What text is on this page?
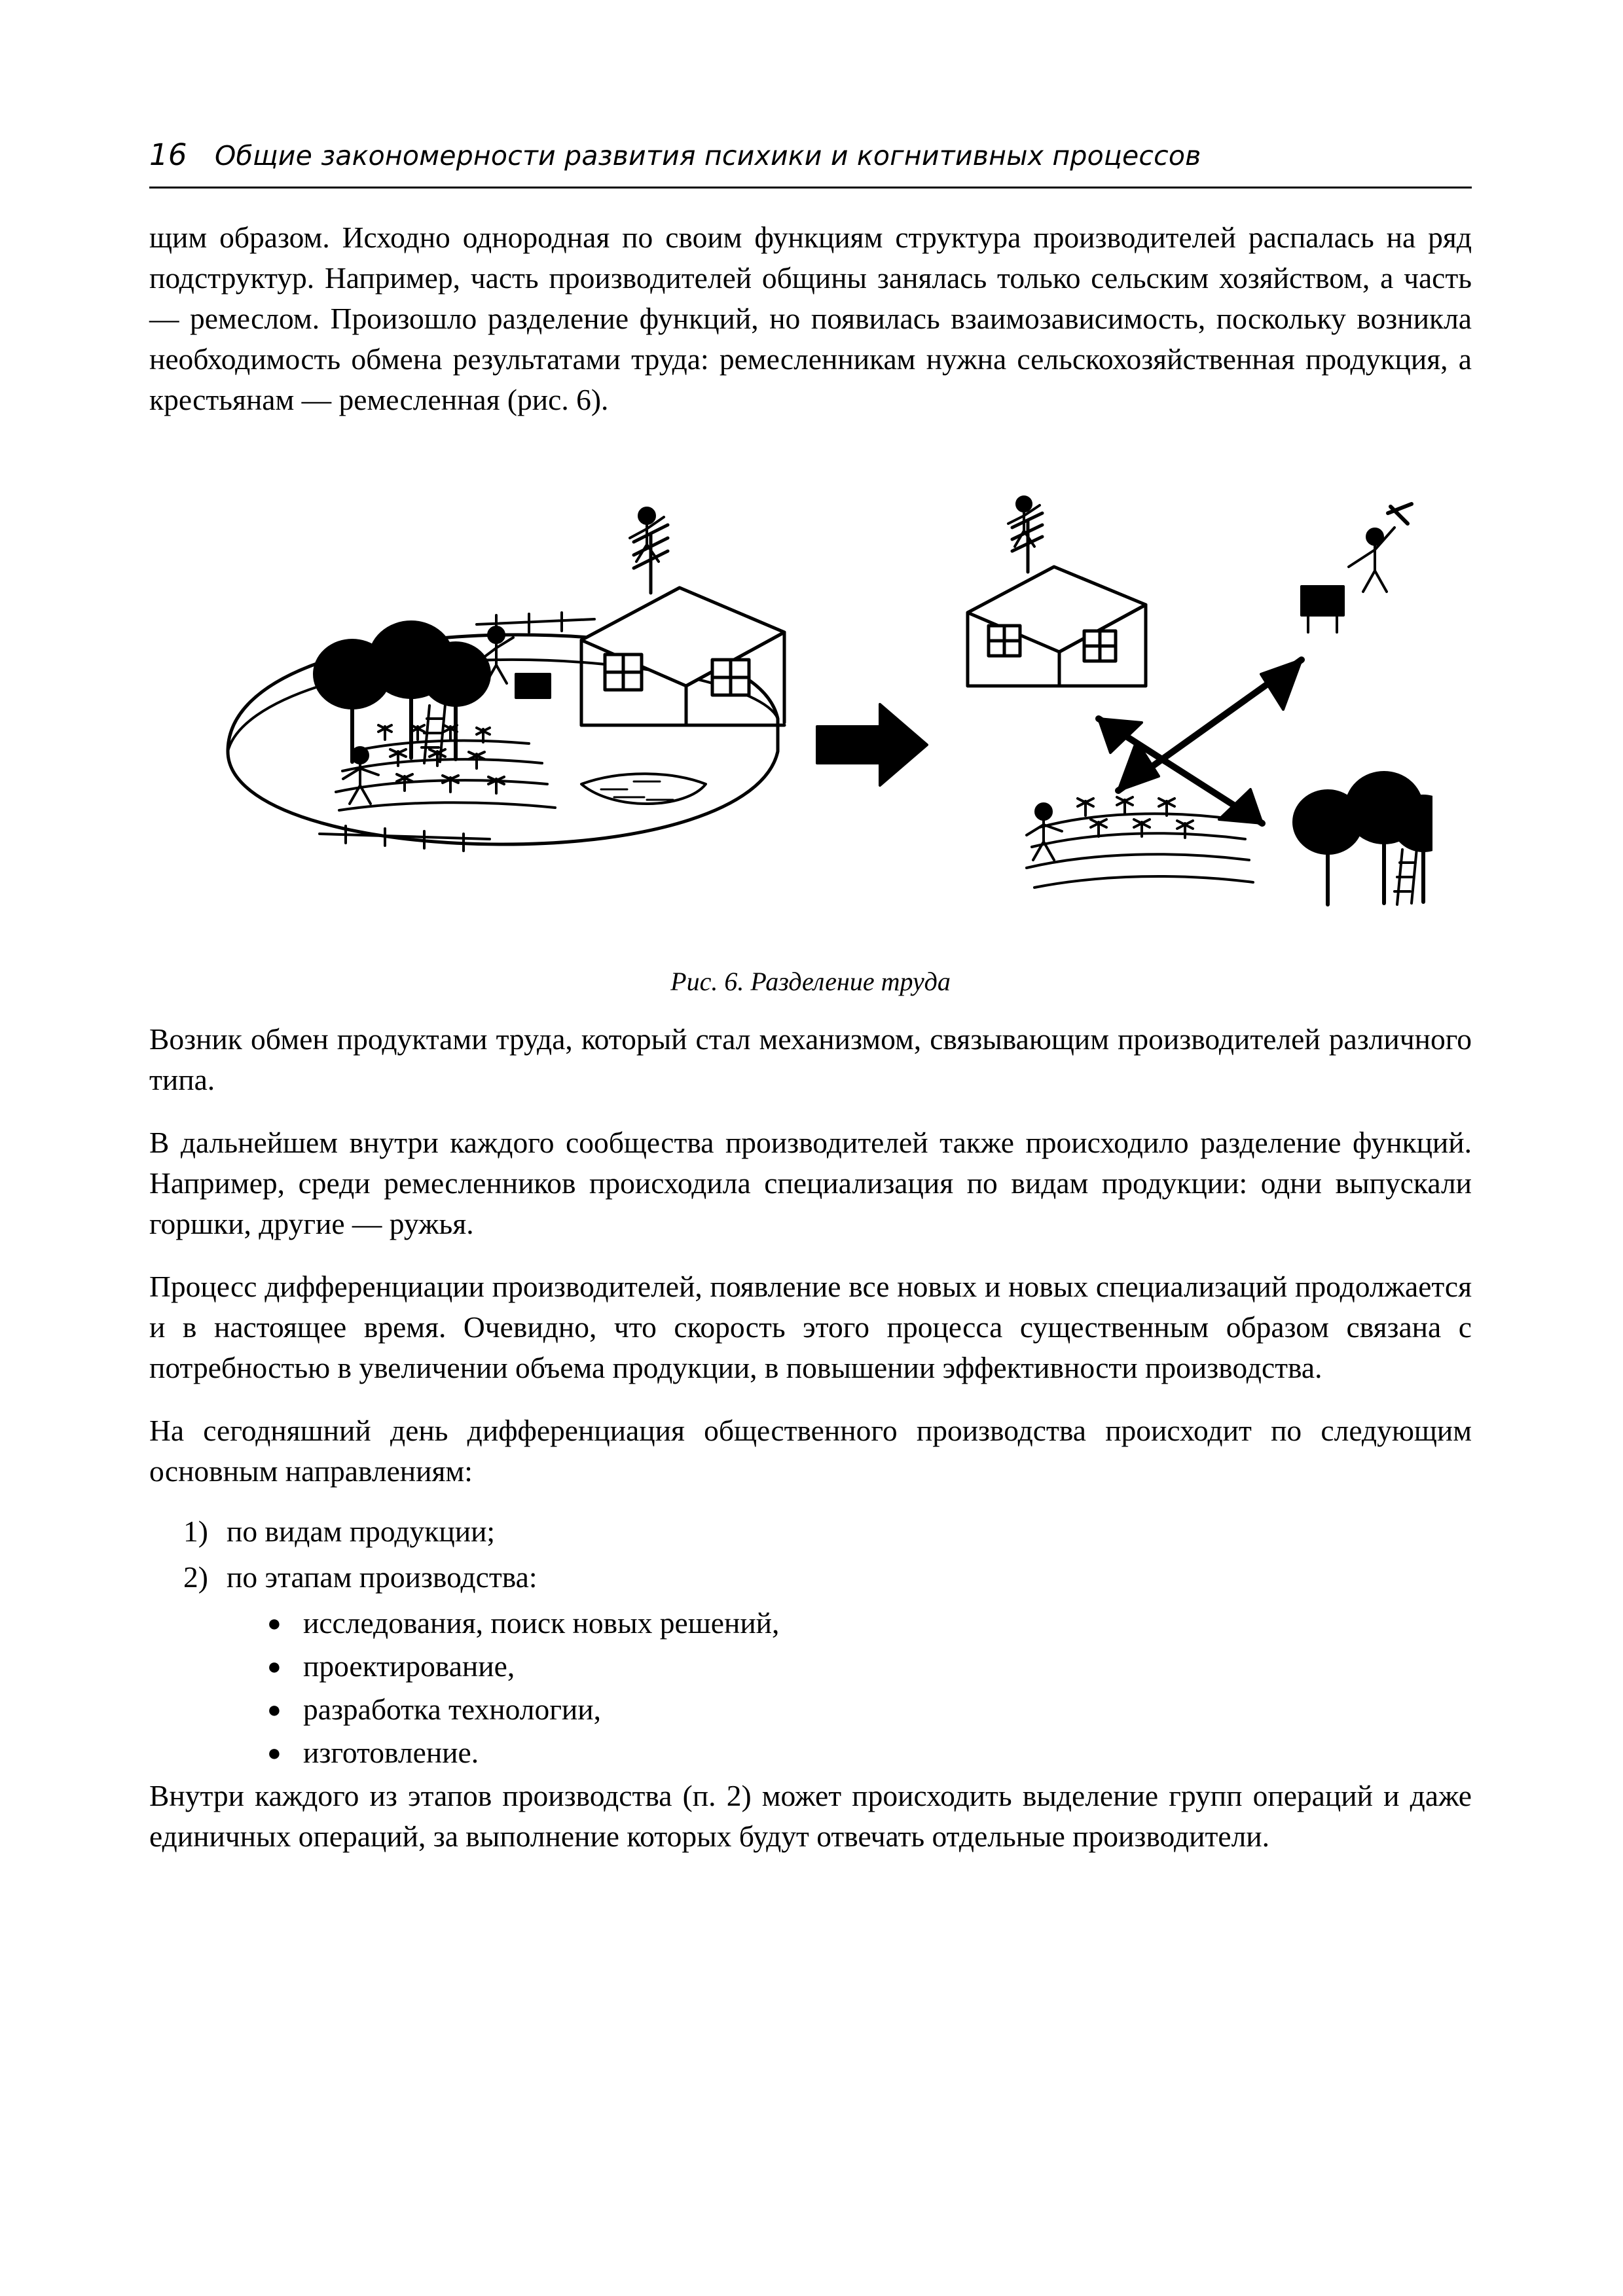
16	Общие закономерности развития психики и когнитивных процессов

щим образом. Исходно однородная по своим функциям структура производителей распалась на ряд подструктур. Например, часть производителей общины занялась только сельским хозяйством, а часть — ремеслом. Произошло разделение функций, но появилась взаимозависимость, поскольку возникла необходимость обмена результатами труда: ремесленникам нужна сельскохозяйственная продукция, а крестьянам — ремесленная (рис. 6).

Рис. 6. Разделение труда

Возник обмен продуктами труда, который стал механизмом, связывающим производителей различного типа.

В дальнейшем внутри каждого сообщества производителей также происходило разделение функций. Например, среди ремесленников происходила специализация по видам продукции: одни выпускали горшки, другие — ружья.

Процесс дифференциации производителей, появление все новых и новых специализаций продолжается и в настоящее время. Очевидно, что скорость этого процесса существенным образом связана с потребностью в увеличении объема продукции, в повышении эффективности производства.

На сегодняшний день дифференциация общественного производства происходит по следующим основным направлениям:

1) по видам продукции;
2) по этапам производства:
● исследования, поиск новых решений,
● проектирование,
● разработка технологии,
● изготовление.

Внутри каждого из этапов производства (п. 2) может происходить выделение групп операций и даже единичных операций, за выполнение которых будут отвечать отдельные производители.
